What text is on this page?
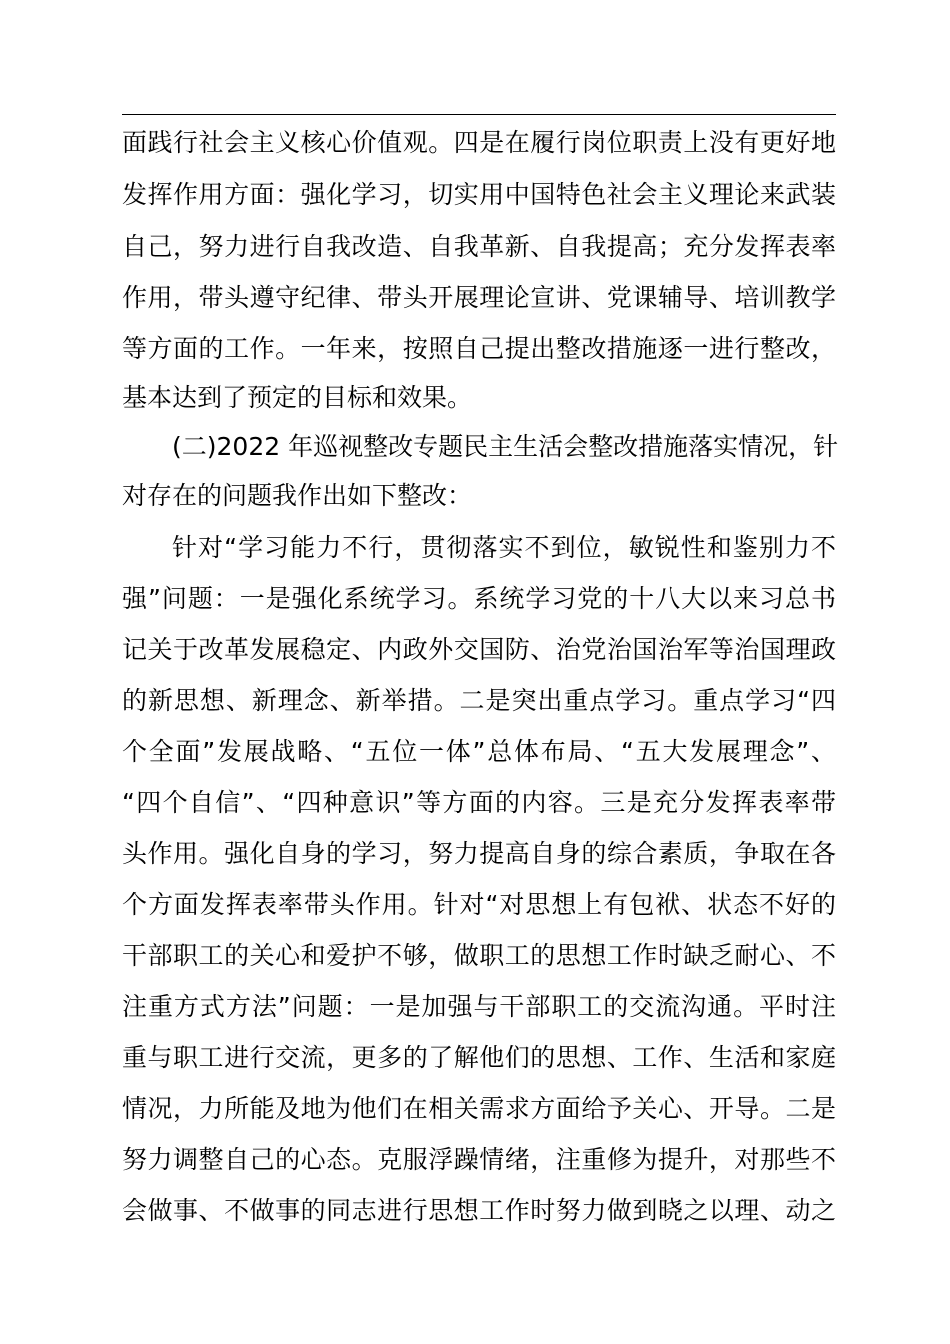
面践行社会主义核心价值观。四是在履行岗位职责上没有更好地
发挥作用方面：强化学习，切实用中国特色社会主义理论来武装
自己，努力进行自我改造、自我革新、自我提高；充分发挥表率
作用，带头遵守纪律、带头开展理论宣讲、党课辅导、培训教学
等方面的工作。一年来，按照自己提出整改措施逐一进行整改，
基本达到了预定的目标和效果。
(二)2022 年巡视整改专题民主生活会整改措施落实情况，针
对存在的问题我作出如下整改：
针对“学习能力不行，贯彻落实不到位，敏锐性和鉴别力不
强”问题：一是强化系统学习。系统学习党的十八大以来习总书
记关于改革发展稳定、内政外交国防、治党治国治军等治国理政
的新思想、新理念、新举措。二是突出重点学习。重点学习“四
个全面”发展战略、“五位一体”总体布局、“五大发展理念”、
“四个自信”、“四种意识”等方面的内容。三是充分发挥表率带
头作用。强化自身的学习，努力提高自身的综合素质，争取在各
个方面发挥表率带头作用。针对“对思想上有包袱、状态不好的
干部职工的关心和爱护不够，做职工的思想工作时缺乏耐心、不
注重方式方法”问题：一是加强与干部职工的交流沟通。平时注
重与职工进行交流，更多的了解他们的思想、工作、生活和家庭
情况，力所能及地为他们在相关需求方面给予关心、开导。二是
努力调整自己的心态。克服浮躁情绪，注重修为提升，对那些不
会做事、不做事的同志进行思想工作时努力做到晓之以理、动之
